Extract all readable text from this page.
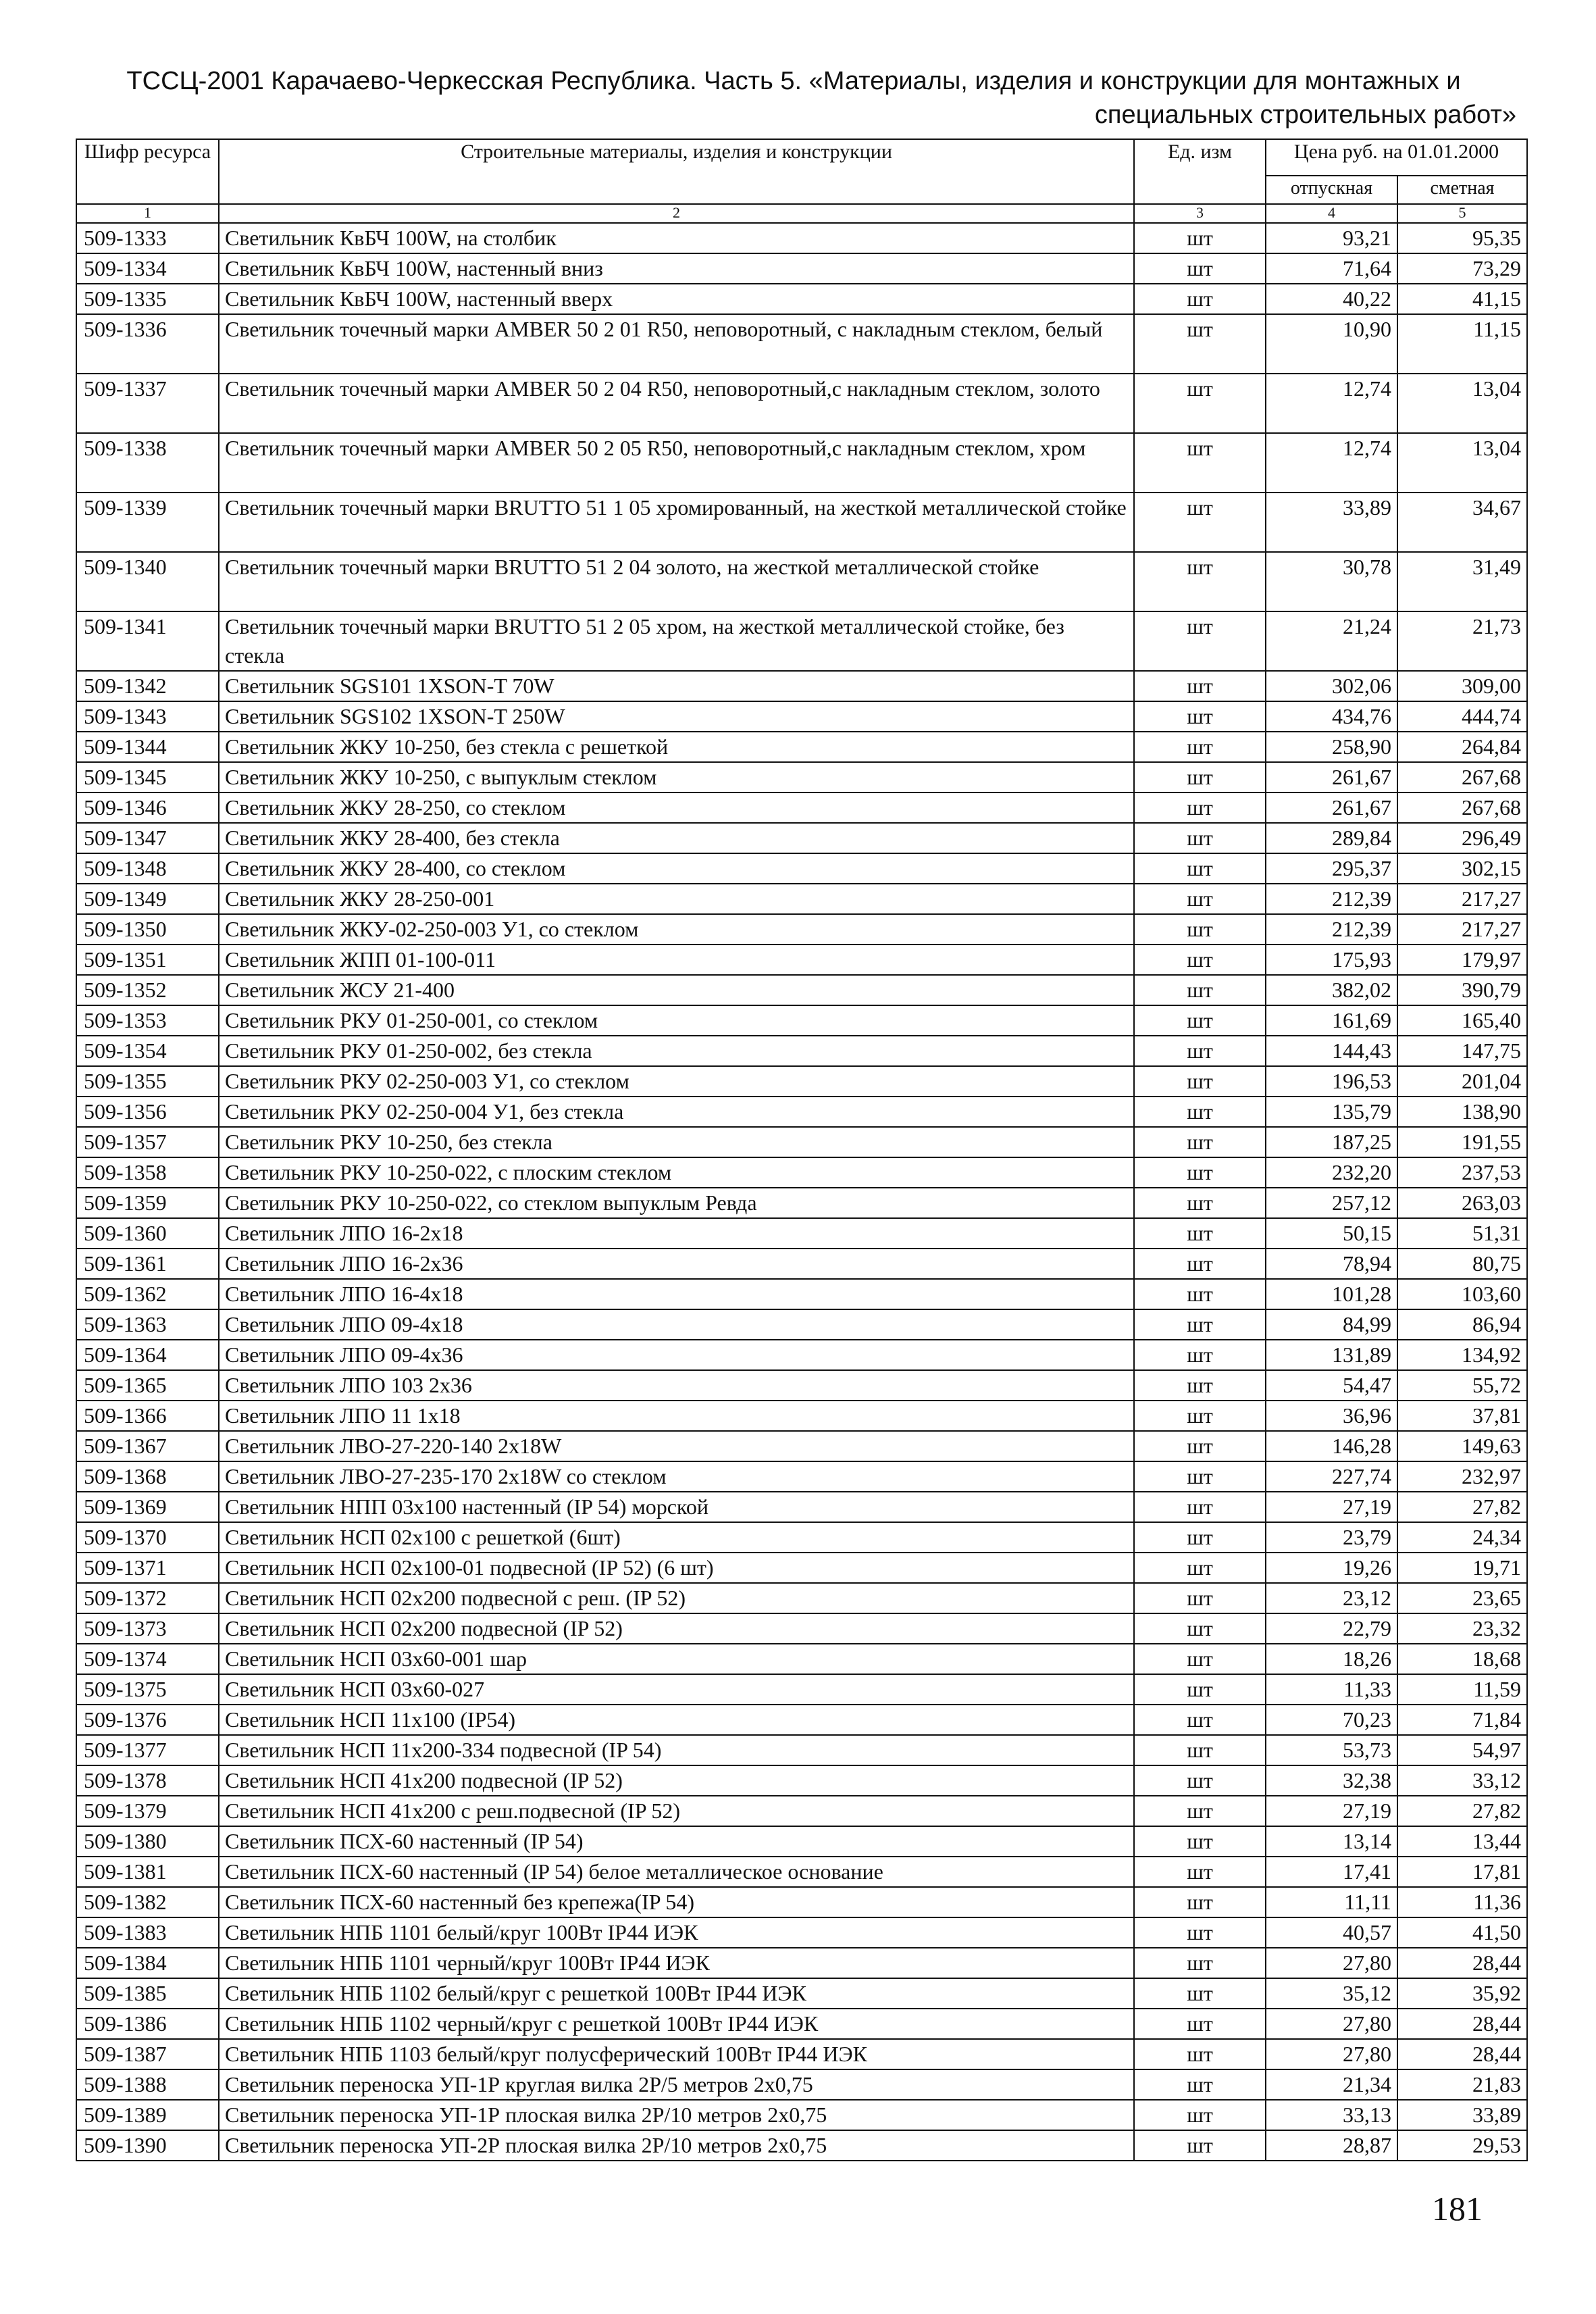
ТССЦ-2001 Карачаево-Черкесская Республика. Часть 5. «Материалы, изделия и конструкции для монтажных и
специальных строительных работ»
Шифр ресурса	Строительные материалы, изделия и конструкции	Ед. изм	Цена руб. на 01.01.2000	
			отпускная	сметная
1	2	3	4	5
509-1333	Светильник КвБЧ 100W, на столбик	шт	93,21	95,35
509-1334	Светильник КвБЧ 100W, настенный вниз	шт	71,64	73,29
509-1335	Светильник КвБЧ 100W, настенный вверх	шт	40,22	41,15
509-1336	Светильник точечный марки AMBER 50 2 01 R50, неповоротный, с накладным стеклом, белый	шт	10,90	11,15
509-1337	Светильник точечный марки AMBER 50 2 04 R50, неповоротный,с накладным стеклом, золото	шт	12,74	13,04
509-1338	Светильник точечный марки AMBER 50 2 05 R50, неповоротный,с накладным стеклом, хром	шт	12,74	13,04
509-1339	Светильник точечный марки BRUTTO 51 1 05 хромированный, на жесткой металлической стойке	шт	33,89	34,67
509-1340	Светильник точечный марки BRUTTO 51 2 04 золото, на жесткой металлической стойке	шт	30,78	31,49
509-1341	Светильник точечный марки BRUTTO 51 2 05 хром, на жесткой металлической стойке, без стекла	шт	21,24	21,73
509-1342	Светильник SGS101 1XSON-T 70W	шт	302,06	309,00
509-1343	Светильник SGS102 1XSON-T 250W	шт	434,76	444,74
509-1344	Светильник ЖКУ 10-250, без стекла с решеткой	шт	258,90	264,84
509-1345	Светильник ЖКУ 10-250, с выпуклым стеклом	шт	261,67	267,68
509-1346	Светильник ЖКУ 28-250, со стеклом	шт	261,67	267,68
509-1347	Светильник ЖКУ 28-400, без стекла	шт	289,84	296,49
509-1348	Светильник ЖКУ 28-400, со стеклом	шт	295,37	302,15
509-1349	Светильник ЖКУ 28-250-001	шт	212,39	217,27
509-1350	Светильник ЖКУ-02-250-003 У1, со стеклом	шт	212,39	217,27
509-1351	Светильник ЖПП 01-100-011	шт	175,93	179,97
509-1352	Светильник ЖСУ 21-400	шт	382,02	390,79
509-1353	Светильник РКУ 01-250-001, со стеклом	шт	161,69	165,40
509-1354	Светильник РКУ 01-250-002, без стекла	шт	144,43	147,75
509-1355	Светильник РКУ 02-250-003 У1, со стеклом	шт	196,53	201,04
509-1356	Светильник РКУ 02-250-004 У1, без стекла	шт	135,79	138,90
509-1357	Светильник РКУ 10-250, без стекла	шт	187,25	191,55
509-1358	Светильник РКУ 10-250-022, с плоским стеклом	шт	232,20	237,53
509-1359	Светильник РКУ 10-250-022, со стеклом выпуклым Ревда	шт	257,12	263,03
509-1360	Светильник ЛПО 16-2x18	шт	50,15	51,31
509-1361	Светильник ЛПО 16-2x36	шт	78,94	80,75
509-1362	Светильник ЛПО 16-4x18	шт	101,28	103,60
509-1363	Светильник ЛПО 09-4x18	шт	84,99	86,94
509-1364	Светильник ЛПО 09-4x36	шт	131,89	134,92
509-1365	Светильник ЛПО 103 2x36	шт	54,47	55,72
509-1366	Светильник ЛПО 11 1x18	шт	36,96	37,81
509-1367	Светильник ЛВО-27-220-140 2x18W	шт	146,28	149,63
509-1368	Светильник ЛВО-27-235-170 2x18W со стеклом	шт	227,74	232,97
509-1369	Светильник НПП 03x100 настенный (IP 54) морской	шт	27,19	27,82
509-1370	Светильник НСП 02x100 с решеткой (6шт)	шт	23,79	24,34
509-1371	Светильник НСП 02x100-01 подвесной (IP 52) (6 шт)	шт	19,26	19,71
509-1372	Светильник НСП 02x200 подвесной с реш. (IP 52)	шт	23,12	23,65
509-1373	Светильник НСП 02x200 подвесной (IP 52)	шт	22,79	23,32
509-1374	Светильник НСП 03x60-001 шар	шт	18,26	18,68
509-1375	Светильник НСП 03x60-027	шт	11,33	11,59
509-1376	Светильник НСП 11x100 (IP54)	шт	70,23	71,84
509-1377	Светильник НСП 11x200-334 подвесной (IP 54)	шт	53,73	54,97
509-1378	Светильник НСП 41x200 подвесной (IP 52)	шт	32,38	33,12
509-1379	Светильник НСП 41x200 с реш.подвесной (IP 52)	шт	27,19	27,82
509-1380	Светильник ПСХ-60 настенный (IP 54)	шт	13,14	13,44
509-1381	Светильник ПСХ-60 настенный (IP 54) белое металлическое основание	шт	17,41	17,81
509-1382	Светильник ПСХ-60 настенный без крепежа(IP 54)	шт	11,11	11,36
509-1383	Светильник НПБ 1101 белый/круг 100Вт IP44 ИЭК	шт	40,57	41,50
509-1384	Светильник НПБ 1101 черный/круг 100Вт IP44 ИЭК	шт	27,80	28,44
509-1385	Светильник НПБ 1102 белый/круг с решеткой 100Вт IP44 ИЭК	шт	35,12	35,92
509-1386	Светильник НПБ 1102 черный/круг с решеткой 100Вт IP44 ИЭК	шт	27,80	28,44
509-1387	Светильник НПБ 1103 белый/круг полусферический 100Вт IP44 ИЭК	шт	27,80	28,44
509-1388	Светильник переноска УП-1Р круглая вилка 2Р/5 метров 2x0,75	шт	21,34	21,83
509-1389	Светильник переноска УП-1Р плоская вилка 2Р/10 метров 2x0,75	шт	33,13	33,89
509-1390	Светильник переноска УП-2Р плоская вилка 2Р/10 метров 2x0,75	шт	28,87	29,53
181
